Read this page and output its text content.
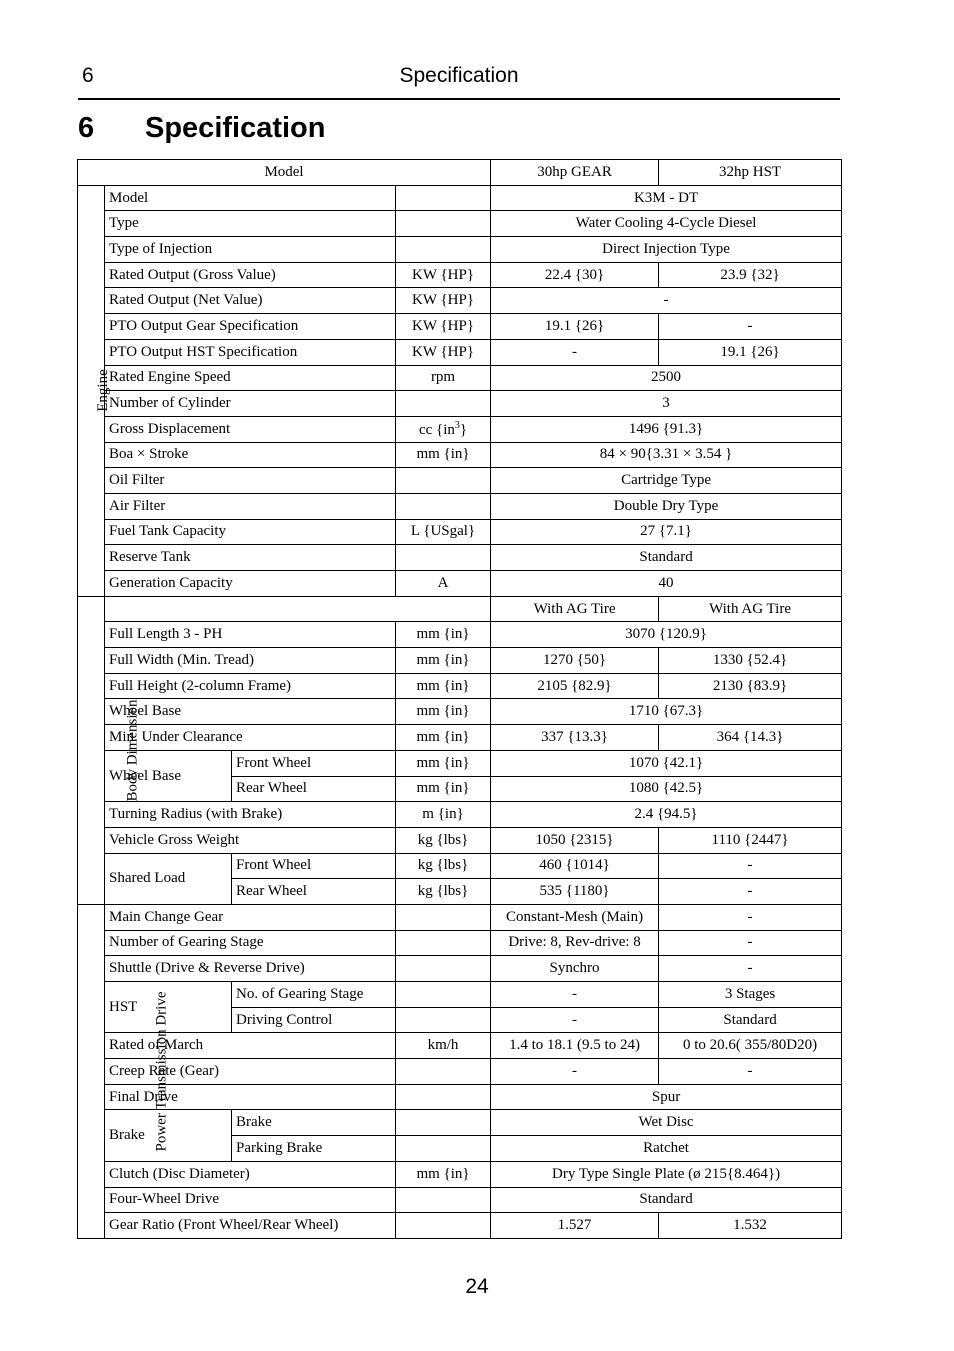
6	Specification
6 Specification
Model				30hp GEAR	32hp HST
Engine	Model			K3M - DT	
	Type			Water Cooling 4-Cycle Diesel	
	Type of Injection			Direct Injection Type	
	Rated Output (Gross Value)		KW {HP}	22.4 {30}	23.9 {32}
	Rated Output (Net Value)		KW {HP}	-	
	PTO Output Gear Specification		KW {HP}	19.1 {26}	-
	PTO Output HST Specification		KW {HP}	-	19.1 {26}
	Rated Engine Speed		rpm	2500	
	Number of Cylinder			3	
	Gross Displacement		cc $\{in^3\}$	1496 {91.3}	
	Boa × Stroke		mm {in}	84 × 90{3.31 × 3.54 }	
	Oil Filter			Cartridge Type	
	Air Filter			Double Dry Type	
	Fuel Tank Capacity		L {USgal}	27 {7.1}	
	Reserve Tank			Standard	
	Generation Capacity		A	40	
Body Dimension				With AG Tire	With AG Tire
	Full Length 3 - PH		mm {in}	3070 {120.9}	
	Full Width (Min. Tread)		mm {in}	1270 {50}	1330 {52.4}
	Full Height (2-column Frame)		mm {in}	2105 {82.9}	2130 {83.9}
	Wheel Base		mm {in}	1710 {67.3}	
	Min. Under Clearance		mm {in}	337 {13.3}	364 {14.3}
	Wheel Base	Front Wheel	mm {in}	1070 {42.1}	
		Rear Wheel	mm {in}	1080 {42.5}	
	Turning Radius (with Brake)		m {in}	2.4 {94.5}	
	Vehicle Gross Weight		kg {lbs}	1050 {2315}	1110 {2447}
	Shared Load	Front Wheel	kg {lbs}	460 {1014}	-
		Rear Wheel	kg {lbs}	535 {1180}	-
Power Transmission Drive	Main Change Gear			Constant-Mesh (Main)	-
	Number of Gearing Stage			Drive: 8, Rev-drive: 8	-
	Shuttle (Drive & Reverse Drive)			Synchro	-
	HST	No. of Gearing Stage		-	3 Stages
		Driving Control		-	Standard
	Rated of March		km/h	1.4 to 18.1 (9.5 to 24)	0 to 20.6( 355/80D20)
	Creep Rate (Gear)			-	-
	Final Drive			Spur	
	Brake	Brake		Wet Disc	
		Parking Brake		Ratchet	
	Clutch (Disc Diameter)		mm {in}	Dry Type Single Plate (ø 215{8.464})	
	Four-Wheel Drive			Standard	
	Gear Ratio (Front Wheel/Rear Wheel)			1.527	1.532
24
